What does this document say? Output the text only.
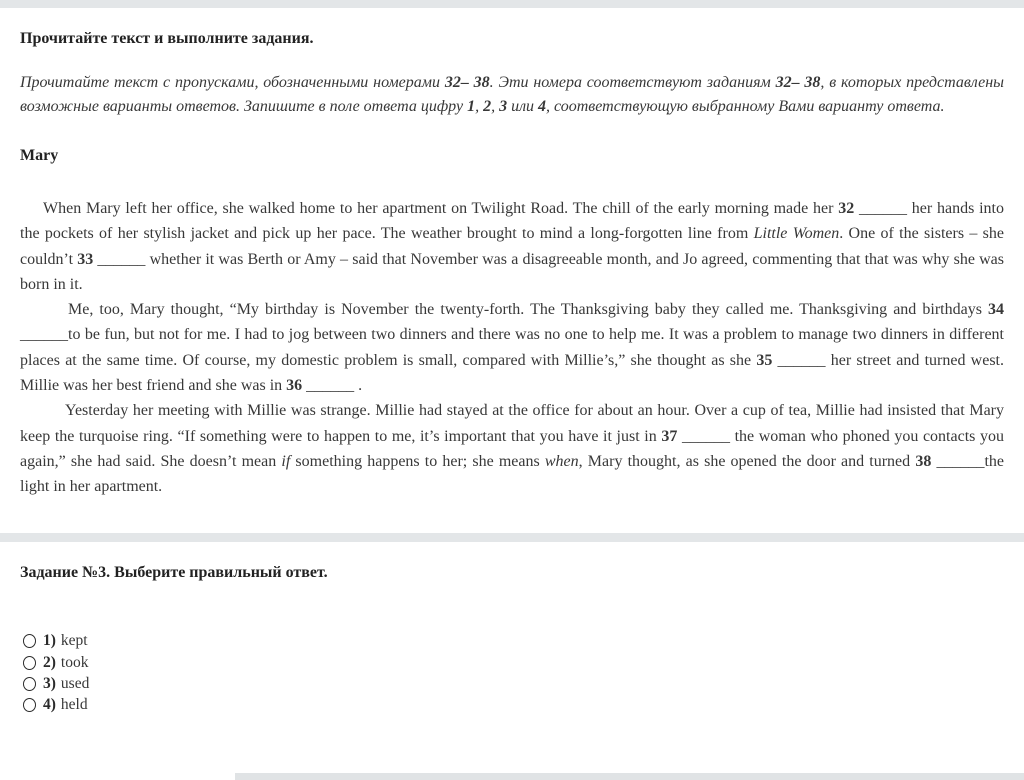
Прочитайте текст и выполните задания.

Прочитайте текст с пропусками, обозначенными номерами 32– 38. Эти номера соответствуют заданиям 32– 38, в которых представлены возможные варианты ответов. Запишите в поле ответа цифру 1, 2, 3 или 4, соответствующую выбранному Вами варианту ответа.

Mary

When Mary left her office, she walked home to her apartment on Twilight Road. The chill of the early morning made her 32 ______ her hands into the pockets of her stylish jacket and pick up her pace. The weather brought to mind a long-forgotten line from Little Women. One of the sisters – she couldn’t 33 ______ whether it was Berth or Amy – said that November was a disagreeable month, and Jo agreed, commenting that that was why she was born in it.

Me, too, Mary thought, “My birthday is November the twenty-forth. The Thanksgiving baby they called me. Thanksgiving and birthdays 34 ______to be fun, but not for me. I had to jog between two dinners and there was no one to help me. It was a problem to manage two dinners in different places at the same time. Of course, my domestic problem is small, compared with Millie’s,” she thought as she 35 ______ her street and turned west. Millie was her best friend and she was in 36 ______ .

Yesterday her meeting with Millie was strange. Millie had stayed at the office for about an hour. Over a cup of tea, Millie had insisted that Mary keep the turquoise ring. “If something were to happen to me, it’s important that you have it just in 37 ______ the woman who phoned you contacts you again,” she had said. She doesn’t mean if something happens to her; she means when, Mary thought, as she opened the door and turned 38 ______the light in her apartment.

Задание №3. Выберите правильный ответ.

1) kept
2) took
3) used
4) held
